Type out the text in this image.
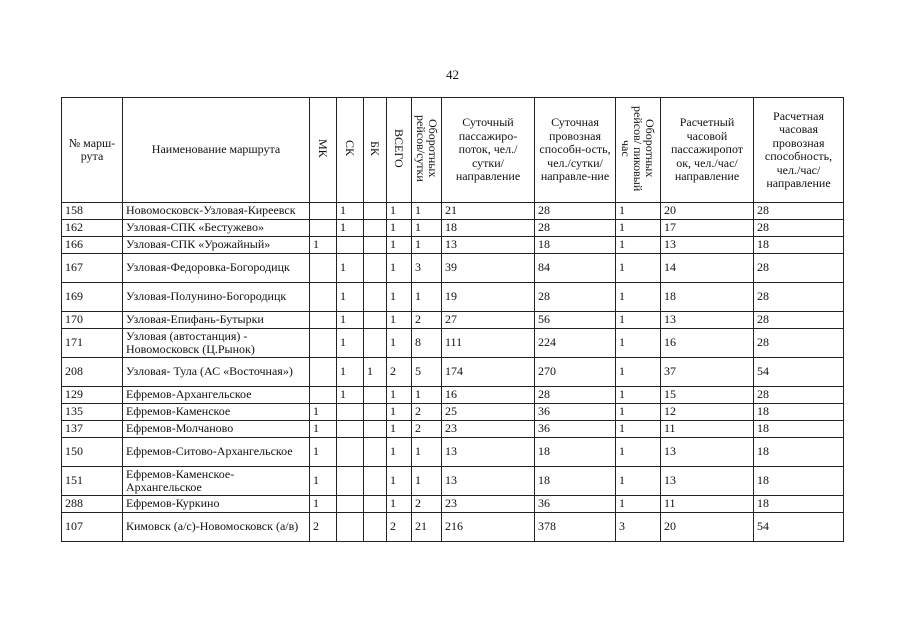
42
№ марш-рута	Наименование маршрута	МК	СК	БК	ВСЕГО	Оборотных рейсов/сутки	Суточный пассажиро-поток, чел./сутки/ направление	Суточная провозная способн-ость, чел./сутки/ направле-ние	Оборотных рейсов/ пиковый час	Расчетный часовой пассажиропот ок, чел./час/ направление	Расчетная часовая провозная способность, чел./час/ направление
158	Новомосковск-Узловая-Киреевск		1		1	1	21	28	1	20	28
162	Узловая-СПК «Бестужево»		1		1	1	18	28	1	17	28
166	Узловая-СПК «Урожайный»	1			1	1	13	18	1	13	18
167	Узловая-Федоровка-Богородицк		1		1	3	39	84	1	14	28
169	Узловая-Полунино-Богородицк		1		1	1	19	28	1	18	28
170	Узловая-Епифань-Бутырки		1		1	2	27	56	1	13	28
171	Узловая (автостанция) - Новомосковск (Ц.Рынок)		1		1	8	111	224	1	16	28
208	Узловая- Тула (АС «Восточная»)		1	1	2	5	174	270	1	37	54
129	Ефремов-Архангельское		1		1	1	16	28	1	15	28
135	Ефремов-Каменское	1			1	2	25	36	1	12	18
137	Ефремов-Молчаново	1			1	2	23	36	1	11	18
150	Ефремов-Ситово-Архангельское	1			1	1	13	18	1	13	18
151	Ефремов-Каменское-Архангельское	1			1	1	13	18	1	13	18
288	Ефремов-Куркино	1			1	2	23	36	1	11	18
107	Кимовск (а/с)-Новомосковск (а/в)	2			2	21	216	378	3	20	54
